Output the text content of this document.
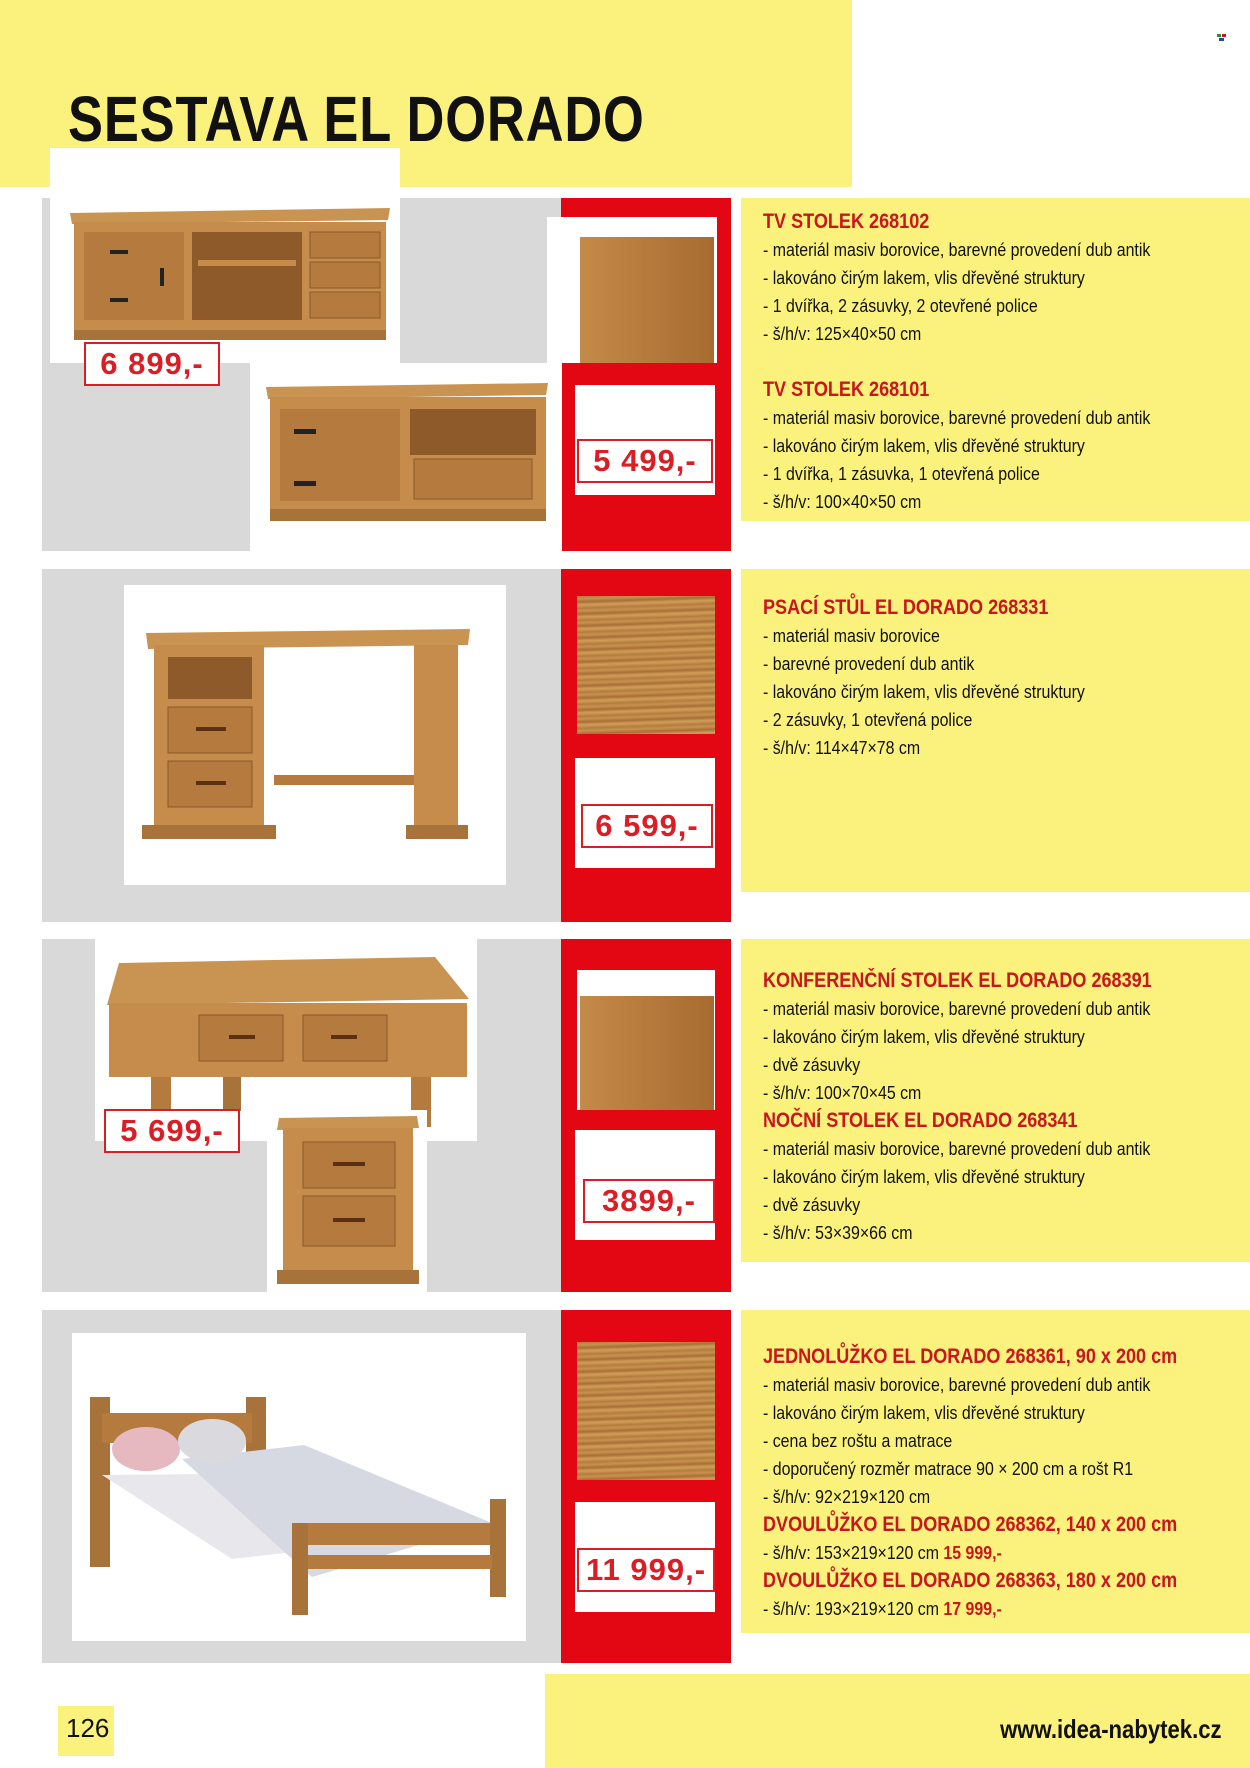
SESTAVA EL DORADO
6 899,-
5 499,-
TV STOLEK 268102
- materiál masiv borovice, barevné provedení dub antik
- lakováno čirým lakem, vlis dřevěné struktury
- 1 dvířka, 2 zásuvky, 2 otevřené police
- š/h/v: 125×40×50 cm
TV STOLEK 268101
- materiál masiv borovice, barevné provedení dub antik
- lakováno čirým lakem, vlis dřevěné struktury
- 1 dvířka, 1 zásuvka, 1 otevřená police
- š/h/v: 100×40×50 cm
6 599,-
PSACÍ STŮL EL DORADO 268331
- materiál masiv borovice
- barevné provedení dub antik
- lakováno čirým lakem, vlis dřevěné struktury
- 2 zásuvky, 1 otevřená police
- š/h/v: 114×47×78 cm
5 699,-
3899,-
KONFERENČNÍ STOLEK EL DORADO 268391
- materiál masiv borovice, barevné provedení dub antik
- lakováno čirým lakem, vlis dřevěné struktury
- dvě zásuvky
- š/h/v: 100×70×45 cm
NOČNÍ STOLEK EL DORADO 268341
- materiál masiv borovice, barevné provedení dub antik
- lakováno čirým lakem, vlis dřevěné struktury
- dvě zásuvky
- š/h/v: 53×39×66 cm
11 999,-
JEDNOLŮŽKO EL DORADO 268361, 90 x 200 cm
- materiál masiv borovice, barevné provedení dub antik
- lakováno čirým lakem, vlis dřevěné struktury
- cena bez roštu a matrace
- doporučený rozměr matrace 90 × 200 cm a rošt R1
- š/h/v: 92×219×120 cm
DVOULŮŽKO EL DORADO 268362, 140 x 200 cm
- š/h/v: 153×219×120 cm 15 999,-
DVOULŮŽKO EL DORADO 268363, 180 x 200 cm
- š/h/v: 193×219×120 cm 17 999,-
126	www.idea-nabytek.cz
